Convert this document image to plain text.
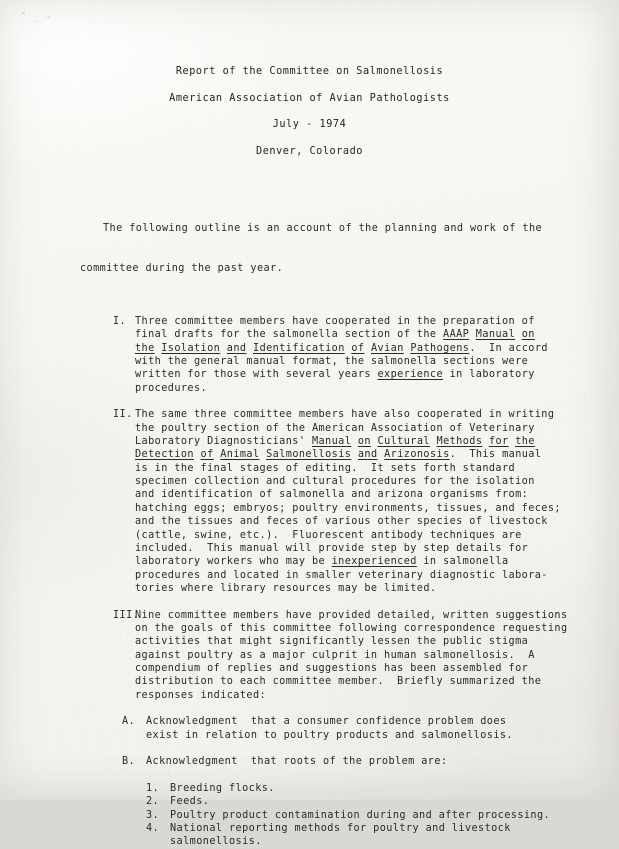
Report of the Committee on Salmonellosis
American Association of Avian Pathologists
July - 1974
Denver, Colorado

The following outline is an account of the planning and work of the

committee during the past year.

I. Three committee members have cooperated in the preparation of
final drafts for the salmonella section of the AAAP Manual on
the Isolation and Identification of Avian Pathogens.  In accord
with the general manual format, the salmonella sections were
written for those with several years experience in laboratory
procedures.
II. The same three committee members have also cooperated in writing
the poultry section of the American Association of Veterinary
Laboratory Diagnosticians' Manual on Cultural Methods for the
Detection of Animal Salmonellosis and Arizonosis.  This manual
is in the final stages of editing.  It sets forth standard
specimen collection and cultural procedures for the isolation
and identification of salmonella and arizona organisms from:
hatching eggs; embryos; poultry environments, tissues, and feces;
and the tissues and feces of various other species of livestock
(cattle, swine, etc.).  Fluorescent antibody techniques are
included.  This manual will provide step by step details for
laboratory workers who may be inexperienced in salmonella
procedures and located in smaller veterinary diagnostic labora-
tories where library resources may be limited.
III.
Nine committee members have provided detailed, written suggestions
on the goals of this committee following correspondence requesting
activities that might significantly lessen the public stigma
against poultry as a major culprit in human salmonellosis.  A
compendium of replies and suggestions has been assembled for
distribution to each committee member.  Briefly summarized the
responses indicated:
A.	Acknowledgment  that a consumer confidence problem does
exist in relation to poultry products and salmonellosis.
B.	Acknowledgment  that roots of the problem are:
1.	Breeding flocks.
2.	Feeds.
3.	Poultry product contamination during and after processing.
4.	National reporting methods for poultry and livestock
salmonellosis.
